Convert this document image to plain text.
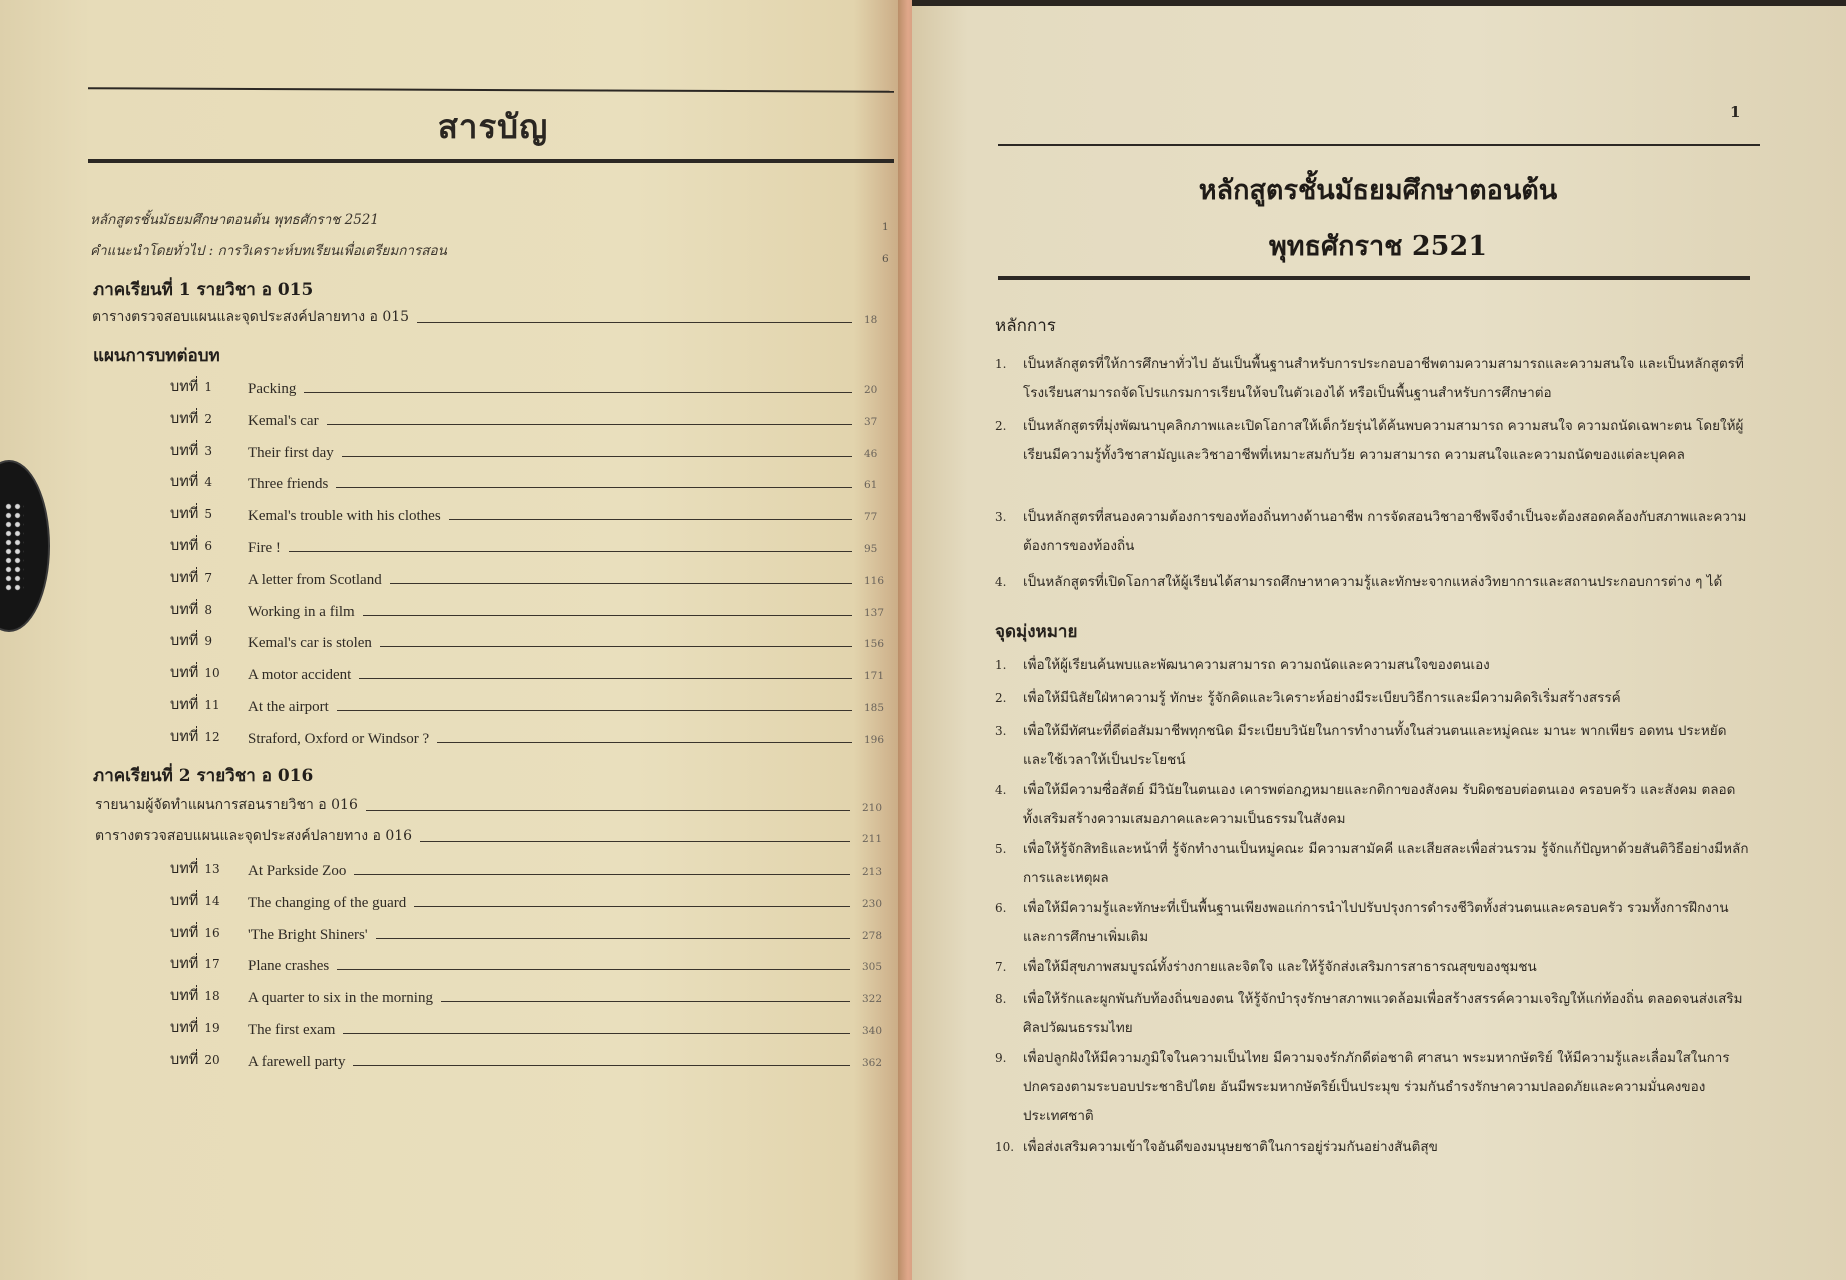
สารบัญ
หลักสูตรชั้นมัธยมศึกษาตอนต้น พุทธศักราช 2521	1
คำแนะนำโดยทั่วไป : การวิเคราะห์บทเรียนเพื่อเตรียมการสอน	6
ภาคเรียนที่ 1 รายวิชา อ 015
ตารางตรวจสอบแผนและจุดประสงค์ปลายทาง อ 015	18
แผนการบทต่อบท
บทที่ 1	Packing	20
บทที่ 2	Kemal's car	37
บทที่ 3	Their first day	46
บทที่ 4	Three friends	61
บทที่ 5	Kemal's trouble with his clothes	77
บทที่ 6	Fire !	95
บทที่ 7	A letter from Scotland	116
บทที่ 8	Working in a film	137
บทที่ 9	Kemal's car is stolen	156
บทที่ 10	A motor accident	171
บทที่ 11	At the airport	185
บทที่ 12	Straford, Oxford or Windsor ?	196
ภาคเรียนที่ 2 รายวิชา อ 016
รายนามผู้จัดทำแผนการสอนรายวิชา อ 016	210
ตารางตรวจสอบแผนและจุดประสงค์ปลายทาง อ 016	211
บทที่ 13	At Parkside Zoo	213
บทที่ 14	The changing of the guard	230
บทที่ 16	'The Bright Shiners'	278
บทที่ 17	Plane crashes	305
บทที่ 18	A quarter to six in the morning	322
บทที่ 19	The first exam	340
บทที่ 20	A farewell party	362
1
หลักสูตรชั้นมัธยมศึกษาตอนต้น
พุทธศักราช 2521
หลักการ
1.	เป็นหลักสูตรที่ให้การศึกษาทั่วไป อันเป็นพื้นฐานสำหรับการประกอบอาชีพตามความสามารถและความสนใจ และเป็นหลักสูตรที่โรงเรียนสามารถจัดโปรแกรมการเรียนให้จบในตัวเองได้ หรือเป็นพื้นฐานสำหรับการศึกษาต่อ
2.	เป็นหลักสูตรที่มุ่งพัฒนาบุคลิกภาพและเปิดโอกาสให้เด็กวัยรุ่นได้ค้นพบความสามารถ ความสนใจ ความถนัดเฉพาะตน โดยให้ผู้เรียนมีความรู้ทั้งวิชาสามัญและวิชาอาชีพที่เหมาะสมกับวัย ความสามารถ ความสนใจและความถนัดของแต่ละบุคคล
3.	เป็นหลักสูตรที่สนองความต้องการของท้องถิ่นทางด้านอาชีพ การจัดสอนวิชาอาชีพจึงจำเป็นจะต้องสอดคล้องกับสภาพและความต้องการของท้องถิ่น
4.	เป็นหลักสูตรที่เปิดโอกาสให้ผู้เรียนได้สามารถศึกษาหาความรู้และทักษะจากแหล่งวิทยาการและสถานประกอบการต่าง ๆ ได้
จุดมุ่งหมาย
1.	เพื่อให้ผู้เรียนค้นพบและพัฒนาความสามารถ ความถนัดและความสนใจของตนเอง
2.	เพื่อให้มีนิสัยใฝ่หาความรู้ ทักษะ รู้จักคิดและวิเคราะห์อย่างมีระเบียบวิธีการและมีความคิดริเริ่มสร้างสรรค์
3.	เพื่อให้มีทัศนะที่ดีต่อสัมมาชีพทุกชนิด มีระเบียบวินัยในการทำงานทั้งในส่วนตนและหมู่คณะ มานะ พากเพียร อดทน ประหยัด และใช้เวลาให้เป็นประโยชน์
4.	เพื่อให้มีความซื่อสัตย์ มีวินัยในตนเอง เคารพต่อกฎหมายและกติกาของสังคม รับผิดชอบต่อตนเอง ครอบครัว และสังคม ตลอดทั้งเสริมสร้างความเสมอภาคและความเป็นธรรมในสังคม
5.	เพื่อให้รู้จักสิทธิและหน้าที่ รู้จักทำงานเป็นหมู่คณะ มีความสามัคคี และเสียสละเพื่อส่วนรวม รู้จักแก้ปัญหาด้วยสันติวิธีอย่างมีหลักการและเหตุผล
6.	เพื่อให้มีความรู้และทักษะที่เป็นพื้นฐานเพียงพอแก่การนำไปปรับปรุงการดำรงชีวิตทั้งส่วนตนและครอบครัว รวมทั้งการฝึกงานและการศึกษาเพิ่มเติม
7.	เพื่อให้มีสุขภาพสมบูรณ์ทั้งร่างกายและจิตใจ และให้รู้จักส่งเสริมการสาธารณสุขของชุมชน
8.	เพื่อให้รักและผูกพันกับท้องถิ่นของตน ให้รู้จักบำรุงรักษาสภาพแวดล้อมเพื่อสร้างสรรค์ความเจริญให้แก่ท้องถิ่น ตลอดจนส่งเสริมศิลปวัฒนธรรมไทย
9.	เพื่อปลูกฝังให้มีความภูมิใจในความเป็นไทย มีความจงรักภักดีต่อชาติ ศาสนา พระมหากษัตริย์ ให้มีความรู้และเลื่อมใสในการปกครองตามระบอบประชาธิปไตย อันมีพระมหากษัตริย์เป็นประมุข ร่วมกันธำรงรักษาความปลอดภัยและความมั่นคงของประเทศชาติ
10. เพื่อส่งเสริมความเข้าใจอันดีของมนุษยชาติในการอยู่ร่วมกันอย่างสันติสุข
